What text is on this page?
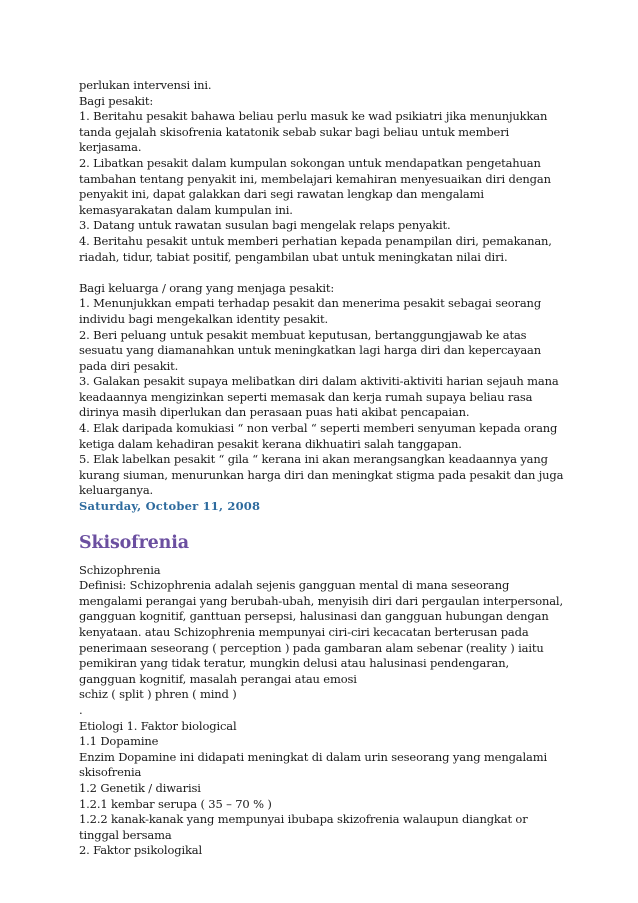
perlukan intervensi ini.
Bagi pesakit:
1. Beritahu pesakit bahawa beliau perlu masuk ke wad psikiatri jika menunjukkan
tanda gejalah skisofrenia katatonik sebab sukar bagi beliau untuk memberi
kerjasama.
2. Libatkan pesakit dalam kumpulan sokongan untuk mendapatkan pengetahuan
tambahan tentang penyakit ini, membelajari kemahiran menyesuaikan diri dengan
penyakit ini, dapat galakkan dari segi rawatan lengkap dan mengalami
kemasyarakatan dalam kumpulan ini.
3. Datang untuk rawatan susulan bagi mengelak relaps penyakit.
4. Beritahu pesakit untuk memberi perhatian kepada penampilan diri, pemakanan,
riadah, tidur, tabiat positif, pengambilan ubat untuk meningkatan nilai diri.
Bagi keluarga / orang yang menjaga pesakit:
1. Menunjukkan empati terhadap pesakit dan menerima pesakit sebagai seorang
individu bagi mengekalkan identity pesakit.
2. Beri peluang untuk pesakit membuat keputusan, bertanggungjawab ke atas
sesuatu yang diamanahkan untuk meningkatkan lagi harga diri dan kepercayaan
pada diri pesakit.
3. Galakan pesakit supaya melibatkan diri dalam aktiviti-aktiviti harian sejauh mana
keadaannya mengizinkan seperti memasak dan kerja rumah supaya beliau rasa
dirinya masih diperlukan dan perasaan puas hati akibat pencapaian.
4. Elak daripada komukiasi “ non verbal “ seperti memberi senyuman kepada orang
ketiga dalam kehadiran pesakit kerana dikhuatiri salah tanggapan.
5. Elak labelkan pesakit “ gila “ kerana ini akan merangsangkan keadaannya yang
kurang siuman, menurunkan harga diri dan meningkat stigma pada pesakit dan juga
keluarganya.
Saturday, October 11, 2008
Skisofrenia
Schizophrenia
Definisi: Schizophrenia adalah sejenis gangguan mental di mana seseorang
mengalami perangai yang berubah-ubah, menyisih diri dari pergaulan interpersonal,
gangguan kognitif, ganttuan persepsi, halusinasi dan gangguan hubungan dengan
kenyataan. atau Schizophrenia mempunyai ciri-ciri kecacatan berterusan pada
penerimaan seseorang ( perception ) pada gambaran alam sebenar (reality ) iaitu
pemikiran yang tidak teratur, mungkin delusi atau halusinasi pendengaran,
gangguan kognitif, masalah perangai atau emosi
schiz ( split ) phren ( mind )
.
Etiologi 1. Faktor biological
1.1 Dopamine
Enzim Dopamine ini didapati meningkat di dalam urin seseorang yang mengalami
skisofrenia
1.2 Genetik / diwarisi
1.2.1 kembar serupa ( 35 – 70 % )
1.2.2 kanak-kanak yang mempunyai ibubapa skizofrenia walaupun diangkat or
tinggal bersama
2. Faktor psikologikal
